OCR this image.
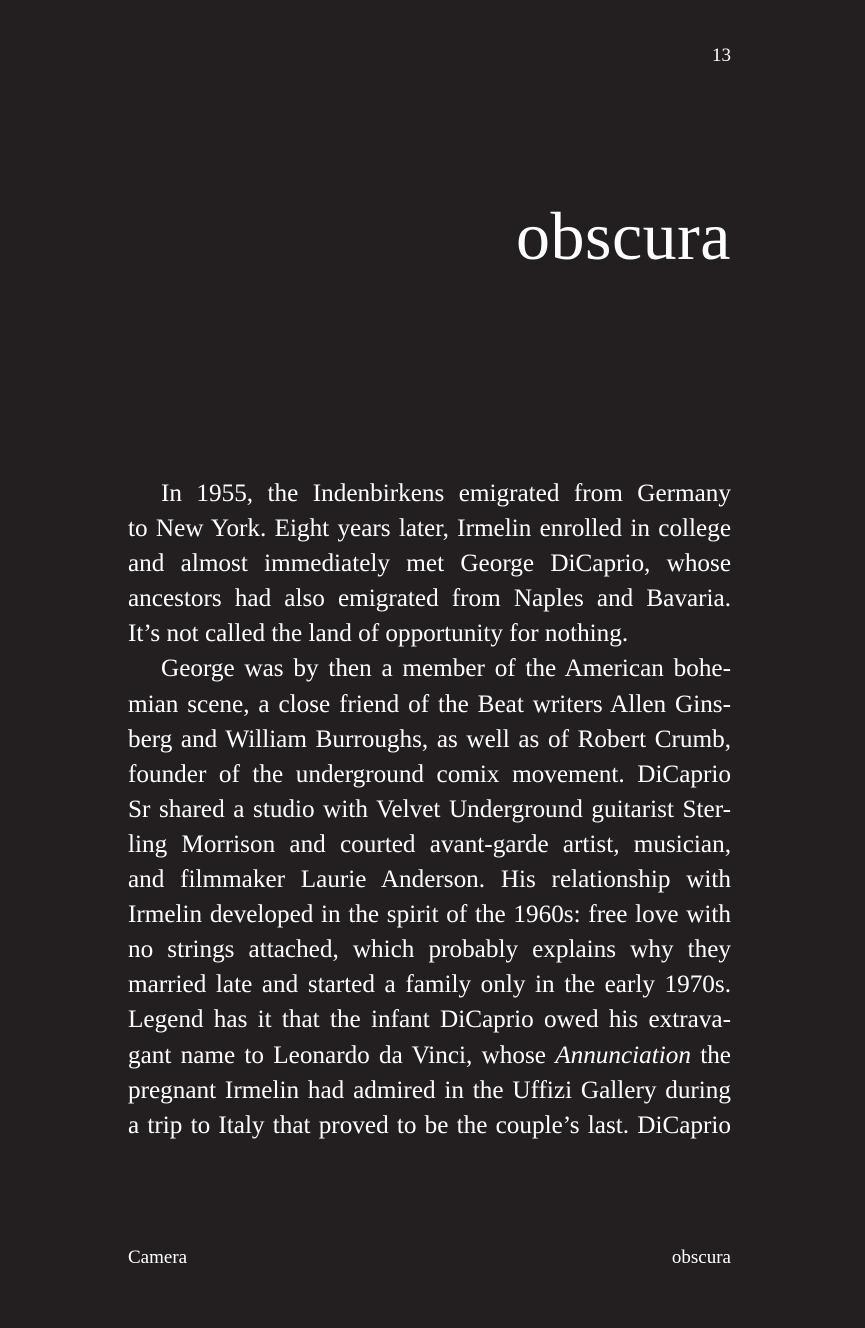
13
obscura
In 1955, the Indenbirkens emigrated from Germany
to New York. Eight years later, Irmelin enrolled in college
and almost immediately met George DiCaprio, whose
ancestors had also emigrated from Naples and Bavaria.
It’s not called the land of opportunity for nothing.
George was by then a member of the American bohe-
mian scene, a close friend of the Beat writers Allen Gins-
berg and William Burroughs, as well as of Robert Crumb,
founder of the underground comix movement. DiCaprio
Sr shared a studio with Velvet Underground guitarist Ster-
ling Morrison and courted avant-garde artist, musician,
and filmmaker Laurie Anderson. His relationship with
Irmelin developed in the spirit of the 1960s: free love with
no strings attached, which probably explains why they
married late and started a family only in the early 1970s.
Legend has it that the infant DiCaprio owed his extrava-
gant name to Leonardo da Vinci, whose Annunciation the
pregnant Irmelin had admired in the Uffizi Gallery during
a trip to Italy that proved to be the couple’s last. DiCaprio
Camera	obscura
